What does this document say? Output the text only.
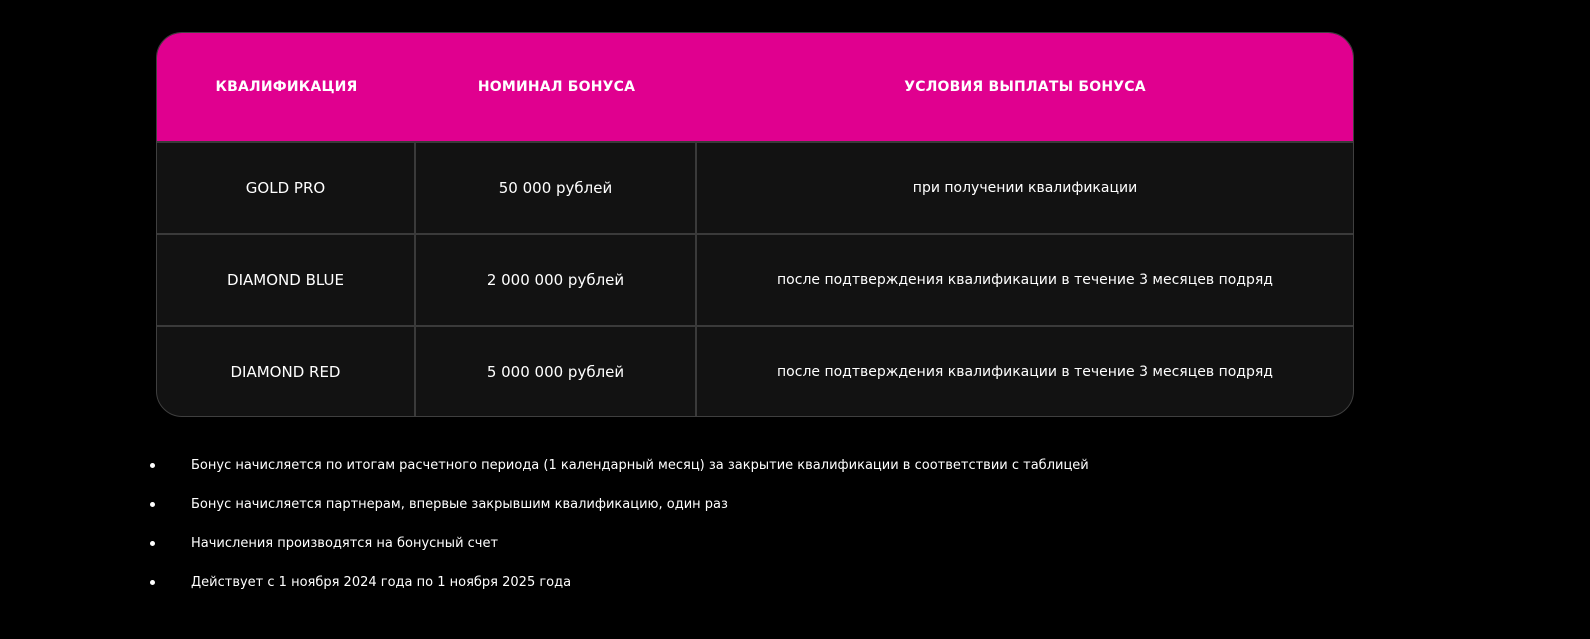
КВАЛИФИКАЦИЯ	НОМИНАЛ БОНУСА	УСЛОВИЯ ВЫПЛАТЫ БОНУСА
GOLD PRO	50 000 рублей	при получении квалификации
DIAMOND BLUE	2 000 000 рублей	после подтверждения квалификации в течение 3 месяцев подряд
DIAMOND RED	5 000 000 рублей	после подтверждения квалификации в течение 3 месяцев подряд
Бонус начисляется по итогам расчетного периода (1 календарный месяц) за закрытие квалификации в соответствии с таблицей
Бонус начисляется партнерам, впервые закрывшим квалификацию, один раз
Начисления производятся на бонусный счет
Действует с 1 ноября 2024 года по 1 ноября 2025 года
